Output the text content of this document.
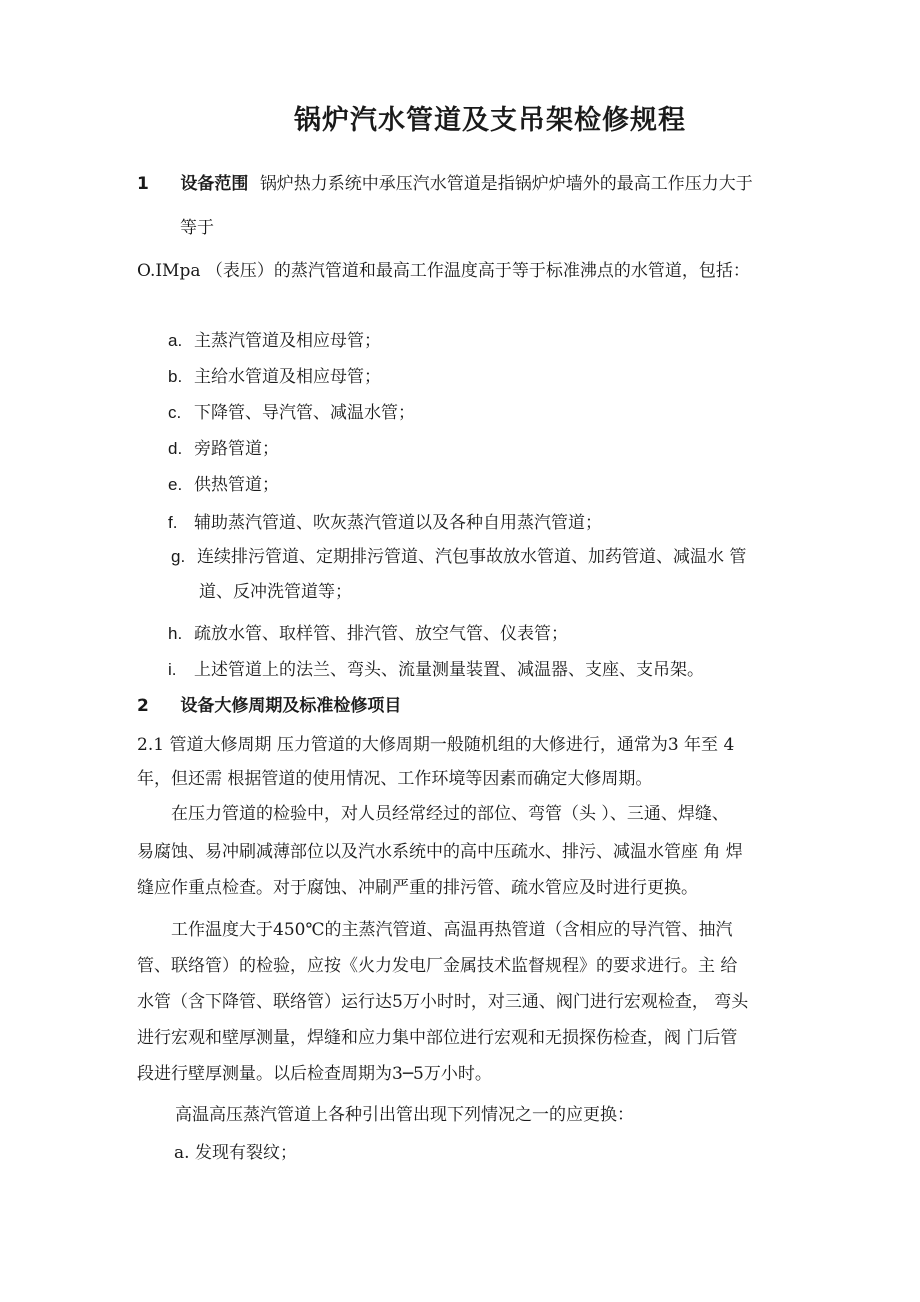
锅炉汽水管道及支吊架检修规程
1 设备范围 锅炉热力系统中承压汽水管道是指锅炉炉墙外的最高工作压力大于
等于
O.IMpa （表压）的蒸汽管道和最高工作温度高于等于标准沸点的水管道，包括：
a. 主蒸汽管道及相应母管；
b. 主给水管道及相应母管；
c. 下降管、导汽管、减温水管；
d. 旁路管道；
e. 供热管道；
f. 辅助蒸汽管道、吹灰蒸汽管道以及各种自用蒸汽管道；
g. 连续排污管道、定期排污管道、汽包事故放水管道、加药管道、减温水 管
道、反冲洗管道等；
h. 疏放水管、取样管、排汽管、放空气管、仪表管；
i. 上述管道上的法兰、弯头、流量测量装置、减温器、支座、支吊架。
2 设备大修周期及标准检修项目
2.1 管道大修周期 压力管道的大修周期一般随机组的大修进行，通常为3 年至 4
年，但还需 根据管道的使用情况、工作环境等因素而确定大修周期。
在压力管道的检验中，对人员经常经过的部位、弯管（头 ）、三通、焊缝、
易腐蚀、易冲刷减薄部位以及汽水系统中的高中压疏水、排污、减温水管座 角 焊
缝应作重点检查。对于腐蚀、冲刷严重的排污管、疏水管应及时进行更换。
工作温度大于450℃的主蒸汽管道、高温再热管道（含相应的导汽管、抽汽
管、联络管）的检验，应按《火力发电厂金属技术监督规程》的要求进行。主 给
水管（含下降管、联络管）运行达5万小时时，对三通、阀门进行宏观检查， 弯头
进行宏观和壁厚测量，焊缝和应力集中部位进行宏观和无损探伤检查，阀 门后管
段进行壁厚测量。以后检查周期为3─5万小时。
高温高压蒸汽管道上各种引出管出现下列情况之一的应更换：
a. 发现有裂纹；
